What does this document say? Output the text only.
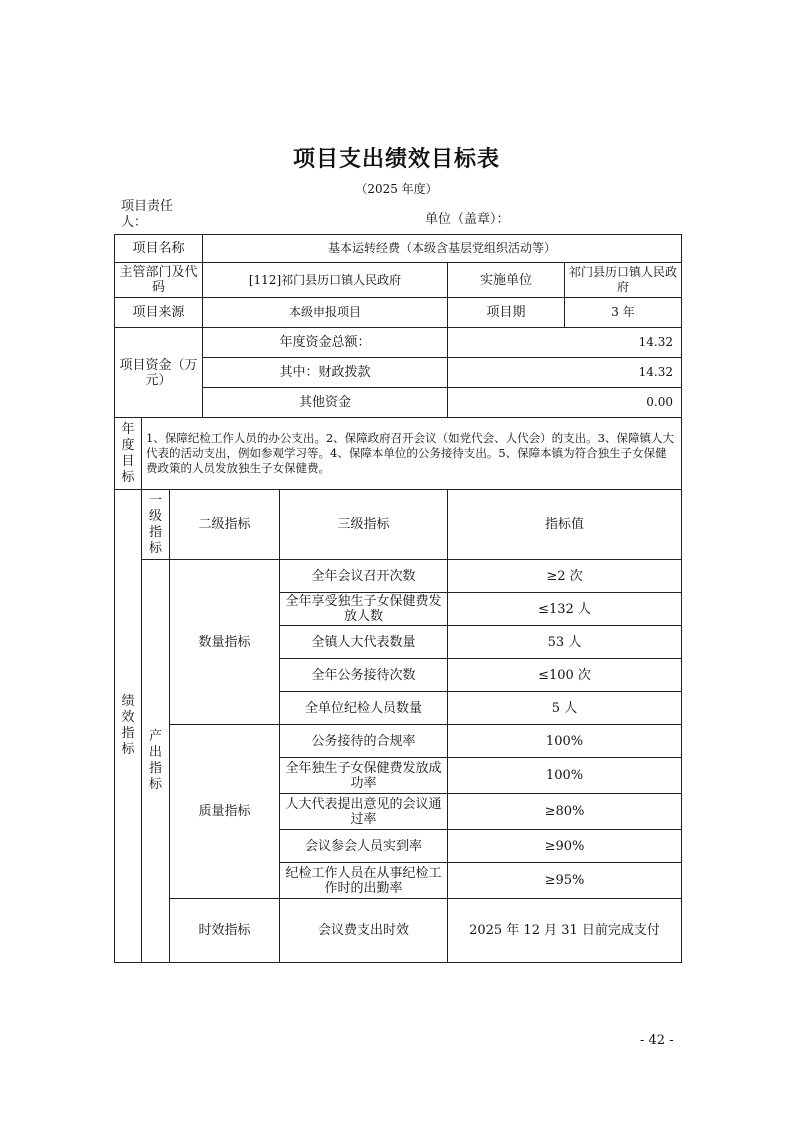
项目支出绩效目标表
（2025 年度）
项目责任人：	单位（盖章）：
项目名称			基本运转经费（本级含基层党组织活动等）			
主管部门及代码			[112]祁门县历口镇人民政府		实施单位	祁门县历口镇人民政府
项目来源			本级申报项目		项目期	3 年
项目资金（万元）			年度资金总额：		14.32	
			其中：财政拨款		14.32	
			其他资金		0.00	

年度目标	1、保障纪检工作人员的办公支出。2、保障政府召开会议（如党代会、人代会）的支出。3、保障镇人大代表的活动支出，例如参观学习等。4、保障本单位的公务接待支出。5、保障本镇为符合独生子女保健费政策的人员发放独生子女保健费。					

绩效指标	一级指标	二级指标		三级指标	指标值	

	产出指标	数量指标		全年会议召开次数	≥2 次	
				全年享受独生子女保健费发放人数	≤132 人	
				全镇人大代表数量	53 人	
				全年公务接待次数	≤100 次	
				全单位纪检人员数量	5 人	
		质量指标		公务接待的合规率	100%	
				全年独生子女保健费发放成功率	100%	
				人大代表提出意见的会议通过率	≥80%	
				会议参会人员实到率	≥90%	
				纪检工作人员在从事纪检工作时的出勤率	≥95%	
		时效指标		会议费支出时效	2025 年 12 月 31 日前完成支付	
- 42 -
